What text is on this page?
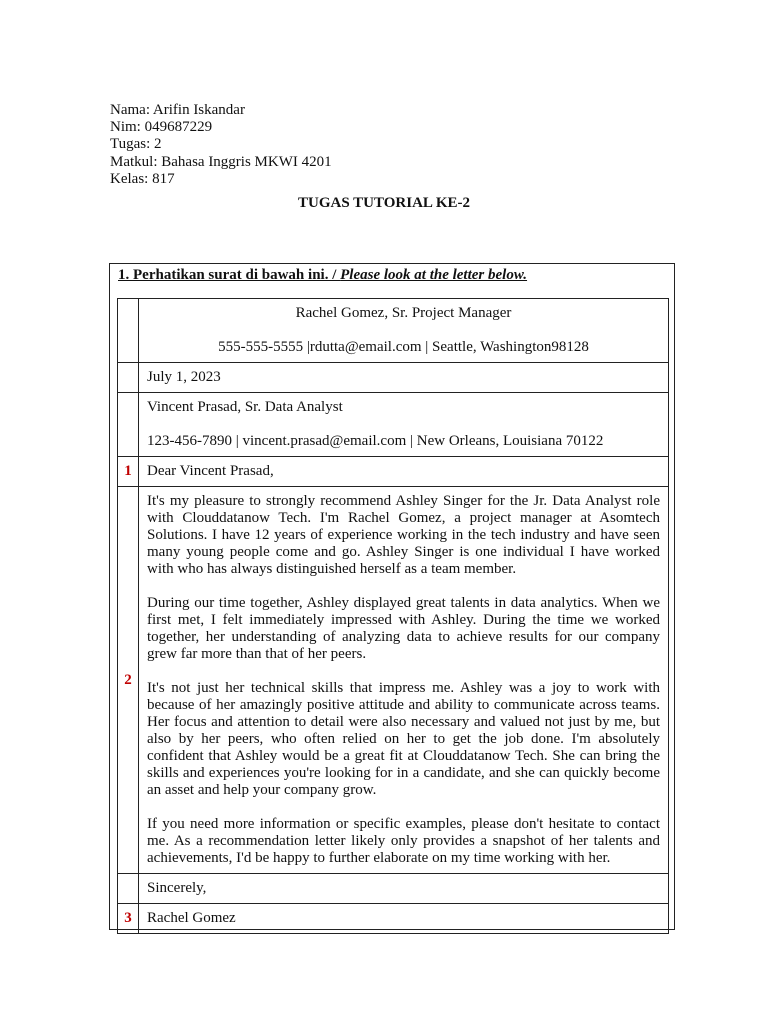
Nama: Arifin Iskandar
Nim: 049687229
Tugas: 2
Matkul: Bahasa Inggris MKWI 4201
Kelas: 817
TUGAS TUTORIAL KE-2
1. Perhatikan surat di bawah ini. / Please look at the letter below.

	Rachel Gomez, Sr. Project Manager

555-555-5555 |rdutta@email.com | Seattle, Washington98128

	July 1, 2023

	Vincent Prasad, Sr. Data Analyst

123-456-7890 | vincent.prasad@email.com | New Orleans, Louisiana 70122

1	Dear Vincent Prasad,

2	It's my pleasure to strongly recommend Ashley Singer for the Jr. Data Analyst role with Clouddatanow Tech. I'm Rachel Gomez, a project manager at Asomtech Solutions. I have 12 years of experience working in the tech industry and have seen many young people come and go. Ashley Singer is one individual I have worked with who has always distinguished herself as a team member.

During our time together, Ashley displayed great talents in data analytics. When we first met, I felt immediately impressed with Ashley. During the time we worked together, her understanding of analyzing data to achieve results for our company grew far more than that of her peers.

It's not just her technical skills that impress me. Ashley was a joy to work with because of her amazingly positive attitude and ability to communicate across teams. Her focus and attention to detail were also necessary and valued not just by me, but also by her peers, who often relied on her to get the job done. I'm absolutely confident that Ashley would be a great fit at Clouddatanow Tech. She can bring the skills and experiences you're looking for in a candidate, and she can quickly become an asset and help your company grow.

If you need more information or specific examples, please don't hesitate to contact me. As a recommendation letter likely only provides a snapshot of her talents and achievements, I'd be happy to further elaborate on my time working with her.

	Sincerely,

3	Rachel Gomez
